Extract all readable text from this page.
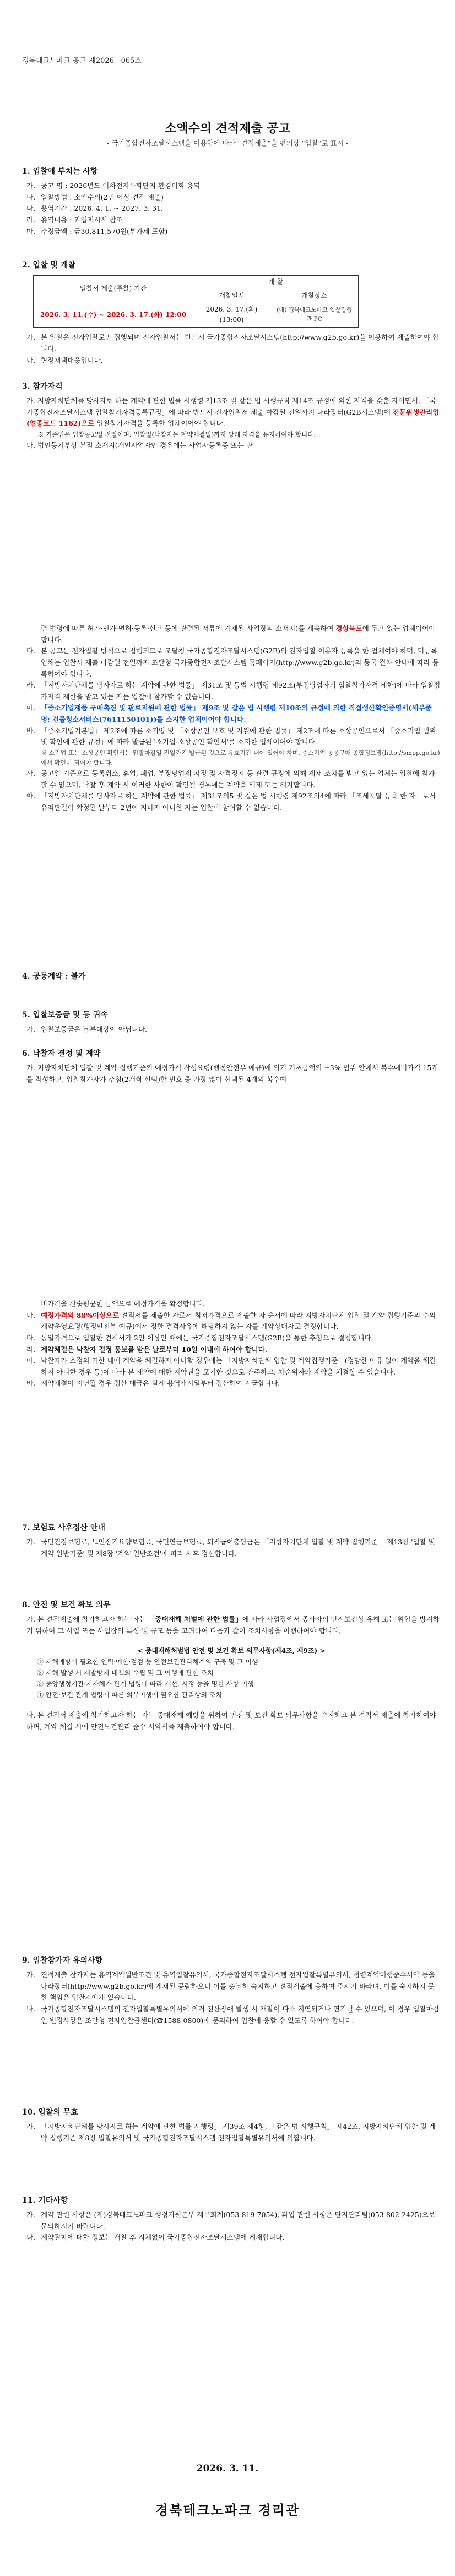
경북테크노파크 공고 제2026 - 065호
소액수의 견적제출 공고
- 국가종합전자조달시스템을 이용함에 따라 "견적제출"을 편의상 "입찰"로 표시 -
1. 입찰에 부치는 사항
가. 공고 명 : 2026년도 이차전지특화단지 환경미화 용역
나. 입찰방법 : 소액수의(2인 이상 견적 제출)
다. 용역기간 : 2026. 4. 1. ~ 2027. 3. 31.
라. 용역내용 : 과업지시서 참조
마. 추정금액 : 금30,811,570원(부가세 포함)
2. 입찰 및 개찰
입찰서 제출(투찰) 기간	개 찰	
	개찰일시	개찰장소
2026. 3. 11.(수) ~ 2026. 3. 17.(화) 12:00	2026. 3. 17.(화) (13:00)	(대) 경북테크노파크 입찰집행관 PC
가. 본 입찰은 전자입찰로만 집행되며 전자입찰서는 반드시 국가종합전자조달시스템(http://www.g2b.go.kr)을 이용하여 제출하여야 합니다.
나. 현장재택대응입니다.
3. 참가자격
가. 지방자치단체를 당사자로 하는 계약에 관한 법률 시행령 제13조 및 같은 법 시행규칙 제14조 규정에 의한 자격을 갖춘 자이면서, 「국가종합전자조달시스템 입찰참가자격등록규정」에 따라 반드시 전자입찰서 제출 마감일 전일까지 나라장터(G2B시스템)에 전문위생관리업(업종코드 1162)으로 입찰참가자격을 등록한 업체이어야 합니다.
※ 기존업은 입찰공고일 전일이며, 입찰일(낙찰자는 계약체결일)까지 당해 자격을 유지하여야 합니다.
나. 법인등기부상 본점 소재지(개인사업자인 경우에는 사업자등록증 또는 관
련 법령에 따른 허가·인가·면허·등록·신고 등에 관련된 서류에 기재된 사업장의 소재지)를 계속하여 경상북도에 두고 있는 업체이어야 합니다.
다. 본 공고는 전자입찰 방식으로 집행되므로 조달청 국가종합전자조달시스템(G2B)의 전자입찰 이용자 등록을 한 업체여야 하며, 미등록업체는 입찰서 제출 마감일 전일까지 조달청 국가종합전자조달시스템 홈페이지(http://www.g2b.go.kr)의 등록 절차 안내에 따라 등록하여야 합니다.
라. 「지방자치단체를 당사자로 하는 계약에 관한 법률」 제31조 및 동법 시행령 제92조(부정당업자의 입찰참가자격 제한)에 따라 입찰참가자격 제한을 받고 있는 자는 입찰에 참가할 수 없습니다.
마. 「중소기업제품 구매촉진 및 판로지원에 관한 법률」 제9조 및 같은 법 시행령 제10조의 규정에 의한 직접생산확인증명서(세부품명: 건물청소서비스(7611150101))를 소지한 업체이어야 합니다.
바. 「중소기업기본법」 제2조에 따른 소기업 및 「소상공인 보호 및 지원에 관한 법률」 제2조에 따른 소상공인으로서 「중소기업 범위 및 확인에 관한 규정」에 따라 발급된 '소기업·소상공인 확인서'를 소지한 업체이어야 합니다.
※ 소기업 또는 소상공인 확인서는 입찰마감일 전일까지 발급된 것으로 유효기간 내에 있어야 하며, 중소기업 공공구매 종합정보망(http://smpp.go.kr)에서 확인이 되어야 합니다.
사. 공고일 기준으로 등록취소, 휴업, 폐업, 부정당업제 지정 및 자격정지 등 관련 규정에 의해 제재 조치를 받고 있는 업체는 입찰에 참가할 수 없으며, 낙찰 후 계약 시 이러한 사항이 확인될 경우에는 계약을 해제 또는 해지합니다.
아. 「지방자치단체를 당사자로 하는 계약에 관한 법률」 제31조의5 및 같은 법 시행령 제92조의4에 따라 「조세포탈 등을 한 자」로서 유죄판결이 확정된 날부터 2년이 지나지 아니한 자는 입찰에 참여할 수 없습니다.
4. 공동계약 : 불가
5. 입찰보증금 및 등 귀속
가. 입찰보증금은 납부대상이 아닙니다.
6. 낙찰자 결정 및 계약
가. 지방자치단체 입찰 및 계약 집행기준의 예정가격 작성요령(행정안전부 예규)에 의거 기초금액의 ±3% 범위 안에서 복수예비가격 15개를 작성하고, 입찰참가자가 추첨(2개씩 선택)한 번호 중 가장 많이 선택된 4개의 복수예
비가격을 산술평균한 금액으로 예정가격을 확정합니다.
나. 예정가격의 88%이상으로 견적서를 제출한 자로서 최저가격으로 제출한 자 순서에 따라 지방자치단체 입찰 및 계약 집행기준의 수의계약운영요령(행정안전부 예규)에서 정한 결격사유에 해당하지 않는 자를 계약상대자로 결정합니다.
다. 동일가격으로 입찰한 견적서가 2인 이상인 때에는 국가종합전자조달시스템(G2B)을 통한 추첨으로 결정합니다.
라. 계약체결은 낙찰자 결정 통보를 받은 날로부터 10일 이내에 하여야 합니다.
마. 낙찰자가 소정의 기한 내에 계약을 체결하지 아니할 경우에는 「지방자치단체 입찰 및 계약집행기준」(정당한 이유 없이 계약을 체결하지 아니한 경우 등)에 따라 본 계약에 대한 계약권을 포기한 것으로 간주하고, 차순위자와 계약을 체결할 수 있습니다.
바. 계약체결이 지연될 경우 정산 대금은 실제 용역개시일부터 정산하여 지급합니다.
7. 보험료 사후정산 안내
가. 국민건강보험료, 노인장기요양보험료, 국민연금보험료, 퇴직급여충당금은 「지방자치단체 입찰 및 계약 집행기준」 제13장 '입찰 및 계약 일반기준' 및 제8장 '계약 일반조건'에 따라 사후 정산합니다.
8. 안전 및 보건 확보 의무
가. 본 견적제출에 참가하고자 하는 자는 「중대재해 처벌에 관한 법률」에 따라 사업장에서 종사자의 안전보건상 유해 또는 위험을 방지하기 위하여 그 사업 또는 사업장의 특성 및 규모 등을 고려하여 다음과 같이 조치사항을 이행하여야 합니다.
< 중대재해처벌법 안전 및 보건 확보 의무사항(제4조, 제9조) >
① 재해예방에 필요한 인력·예산·점검 등 안전보건관리체계의 구축 및 그 이행
② 재해 발생 시 재발방지 대책의 수립 및 그 이행에 관한 조치
③ 중앙행정기관·지자체가 관계 법령에 따라 개선, 시정 등을 명한 사항 이행
④ 안전·보건 관계 법령에 따른 의무이행에 필요한 관리상의 조치
나. 본 견적서 제출에 참가하고자 하는 자는 중대재해 예방을 위하여 안전 및 보건 확보 의무사항을 숙지하고 본 견적서 제출에 참가하여야 하며, 계약 체결 시에 안전보건관리 준수 서약서를 제출하여야 합니다.
9. 입찰참가자 유의사항
가. 견적제출 참가자는 용역계약일반조건 및 용역입찰유의서, 국가종합전자조달시스템 전자입찰특별유의서, 청렴계약이행준수서약 등을 나라장터(http://www.g2b.go.kr)에 게재된 공람하오니 이를 충분히 숙지하고 견적제출에 응하여 주시기 바라며, 이를 숙지하지 못한 책임은 입찰자에게 있습니다.
나. 국가종합전자조달시스템의 전자입찰특별유의서에 의거 전산장애 발생 시 개찰이 다소 지연되거나 연기될 수 있으며, 이 경우 입찰마감일 변경사항은 조달청 전자입찰콜센터(☎1588-0800)에 문의하여 입찰에 응할 수 있도록 하여야 합니다.
10. 입찰의 무효
가. 「지방자치단체를 당사자로 하는 계약에 관한 법률 시행령」 제39조 제4항, 「같은 법 시행규칙」 제42조, 지방자치단체 입찰 및 계약 집행기준 제8장 입찰유의서 및 국가종합전자조달시스템 전자입찰특별유의서에 의합니다.
11. 기타사항
가. 계약 관련 사항은 (재)경북테크노파크 행정지원본부 재무회계(053-819-7054), 과업 관련 사항은 단지관리팀(053-802-2425)으로 문의하시기 바랍니다.
나. 계약절차에 대한 정보는 개찰 후 지체없이 국가종합전자조달시스템에 게재합니다.
2026. 3. 11.
경북테크노파크 경리관
